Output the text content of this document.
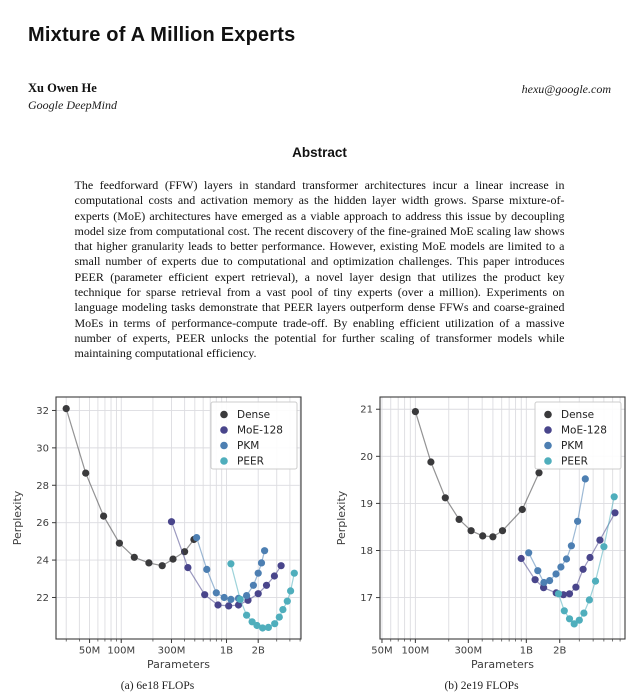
Mixture of A Million Experts
Xu Owen He
Google DeepMind
hexu@google.com
Abstract

The feedforward (FFW) layers in standard transformer architectures incur a linear increase in computational costs and activation memory as the hidden layer width grows. Sparse mixture-of-experts (MoE) architectures have emerged as a viable approach to address this issue by decoupling model size from computational cost. The recent discovery of the fine-grained MoE scaling law shows that higher granularity leads to better performance. However, existing MoE models are limited to a small number of experts due to computational and optimization challenges. This paper introduces PEER (parameter efficient expert retrieval), a novel layer design that utilizes the product key technique for sparse retrieval from a vast pool of tiny experts (over a million). Experiments on language modeling tasks demonstrate that PEER layers outperform dense FFWs and coarse-grained MoEs in terms of performance-compute trade-off. By enabling efficient utilization of a massive number of experts, PEER unlocks the potential for further scaling of transformer models while maintaining computational efficiency.

50M 100M 300M	1B 2B
22
24
26
28
30
32
Parameters
Perplexity
Dense
MoE-128
PKM
PEER
(a) 6e18 FLOPs
50M 100M	300M	1B 2B
17
18
19
20
21
Parameters
Perplexity
Dense
MoE-128
PKM
PEER
(b) 2e19 FLOPs
